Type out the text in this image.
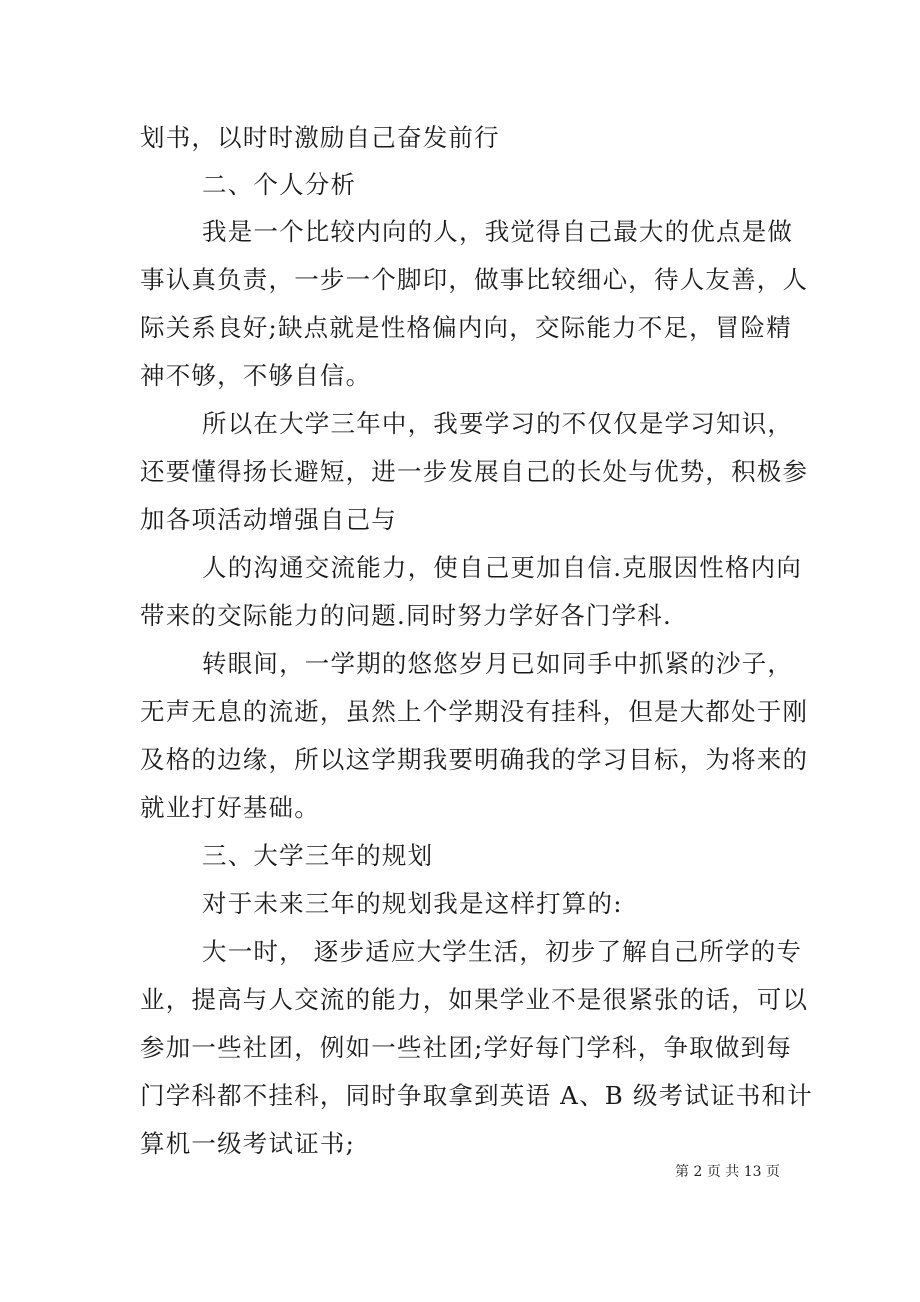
划书，以时时激励自己奋发前行
二、个人分析
我是一个比较内向的人，我觉得自己最大的优点是做
事认真负责，一步一个脚印，做事比较细心，待人友善，人
际关系良好;缺点就是性格偏内向，交际能力不足，冒险精
神不够，不够自信。
所以在大学三年中，我要学习的不仅仅是学习知识，
还要懂得扬长避短，进一步发展自己的长处与优势，积极参
加各项活动增强自己与
人的沟通交流能力，使自己更加自信.克服因性格内向
带来的交际能力的问题.同时努力学好各门学科.
转眼间，一学期的悠悠岁月已如同手中抓紧的沙子，
无声无息的流逝，虽然上个学期没有挂科，但是大都处于刚
及格的边缘，所以这学期我要明确我的学习目标，为将来的
就业打好基础。
三、大学三年的规划
对于未来三年的规划我是这样打算的:
大一时， 逐步适应大学生活，初步了解自己所学的专
业，提高与人交流的能力，如果学业不是很紧张的话，可以
参加一些社团，例如一些社团;学好每门学科，争取做到每
门学科都不挂科，同时争取拿到英语 A、B 级考试证书和计
算机一级考试证书;
第 2 页 共 13 页
